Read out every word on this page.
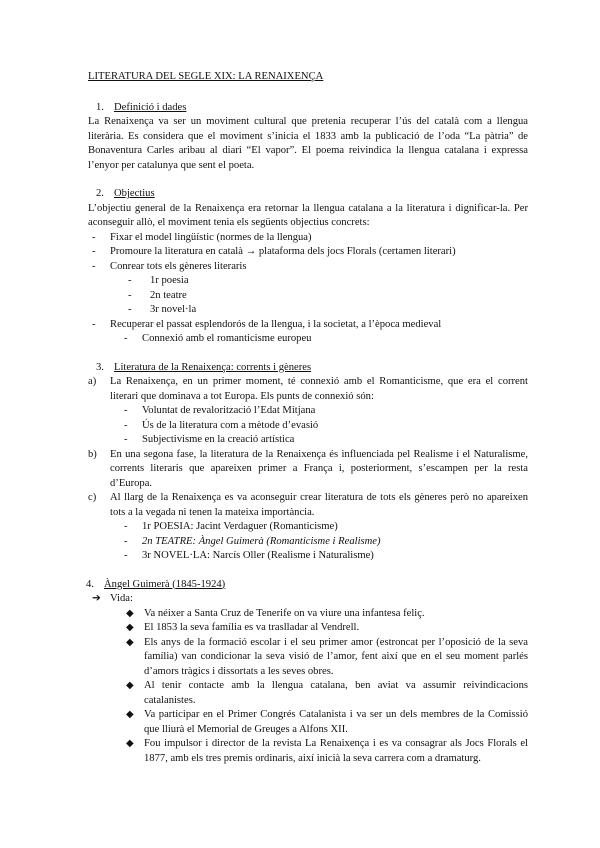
LITERATURA DEL SEGLE XIX: LA RENAIXENÇA
1. Definició i dades
La Renaixença va ser un moviment cultural que pretenia recuperar l’ús del català com a llengua literària. Es considera que el moviment s’inicia el 1833 amb la publicació de l’oda “La pàtria” de Bonaventura Carles aribau al diari “El vapor”. El poema reivindica la llengua catalana i expressa l’enyor per catalunya que sent el poeta.
2. Objectius
L’objectiu general de la Renaixença era retornar la llengua catalana a la literatura i dignificar-la. Per aconseguir allò, el moviment tenia els següents objectius concrets:
- Fixar el model lingüístic (normes de la llengua)
- Promoure la literatura en català → plataforma dels jocs Florals (certamen literari)
- Conrear tots els gèneres literaris
- 1r poesia
- 2n teatre
- 3r novel·la
- Recuperar el passat esplendorós de la llengua, i la societat, a l’època medieval
- Connexió amb el romanticisme europeu
3. Literatura de la Renaixença: corrents i gèneres
a) La Renaixença, en un primer moment, té connexió amb el Romanticisme, que era el corrent literari que dominava a tot Europa. Els punts de connexió són:
- Voluntat de revalorització l’Edat Mitjana
- Ús de la literatura com a mètode d’evasió
- Subjectivisme en la creació artística
b) En una segona fase, la literatura de la Renaixença és influenciada pel Realisme i el Naturalisme, corrents literaris que apareixen primer a França i, posteriorment, s’escampen per la resta d’Europa.
c) Al llarg de la Renaixença es va aconseguir crear literatura de tots els gèneres però no apareixen tots a la vegada ni tenen la mateixa importància.
- 1r POESIA: Jacint Verdaguer (Romanticisme)
- 2n TEATRE: Àngel Guimerà (Romanticisme i Realisme)
- 3r NOVEL·LA: Narcís Oller (Realisme i Naturalisme)
4. Àngel Guimerà (1845-1924)
➔ Vida:
◆ Va néixer a Santa Cruz de Tenerife on va viure una infantesa feliç.
◆ El 1853 la seva família es va traslladar al Vendrell.
◆ Els anys de la formació escolar i el seu primer amor (estroncat per l’oposició de la seva família) van condicionar la seva visió de l’amor, fent així que en el seu moment parlés d’amors tràgics i dissortats a les seves obres.
◆ Al tenir contacte amb la llengua catalana, ben aviat va assumir reivindicacions catalanistes.
◆ Va participar en el Primer Congrés Catalanista i va ser un dels membres de la Comissió que lliurà el Memorial de Greuges a Alfons XII.
◆ Fou impulsor i director de la revista La Renaixença i es va consagrar als Jocs Florals el 1877, amb els tres premis ordinaris, així inicià la seva carrera com a dramaturg.
